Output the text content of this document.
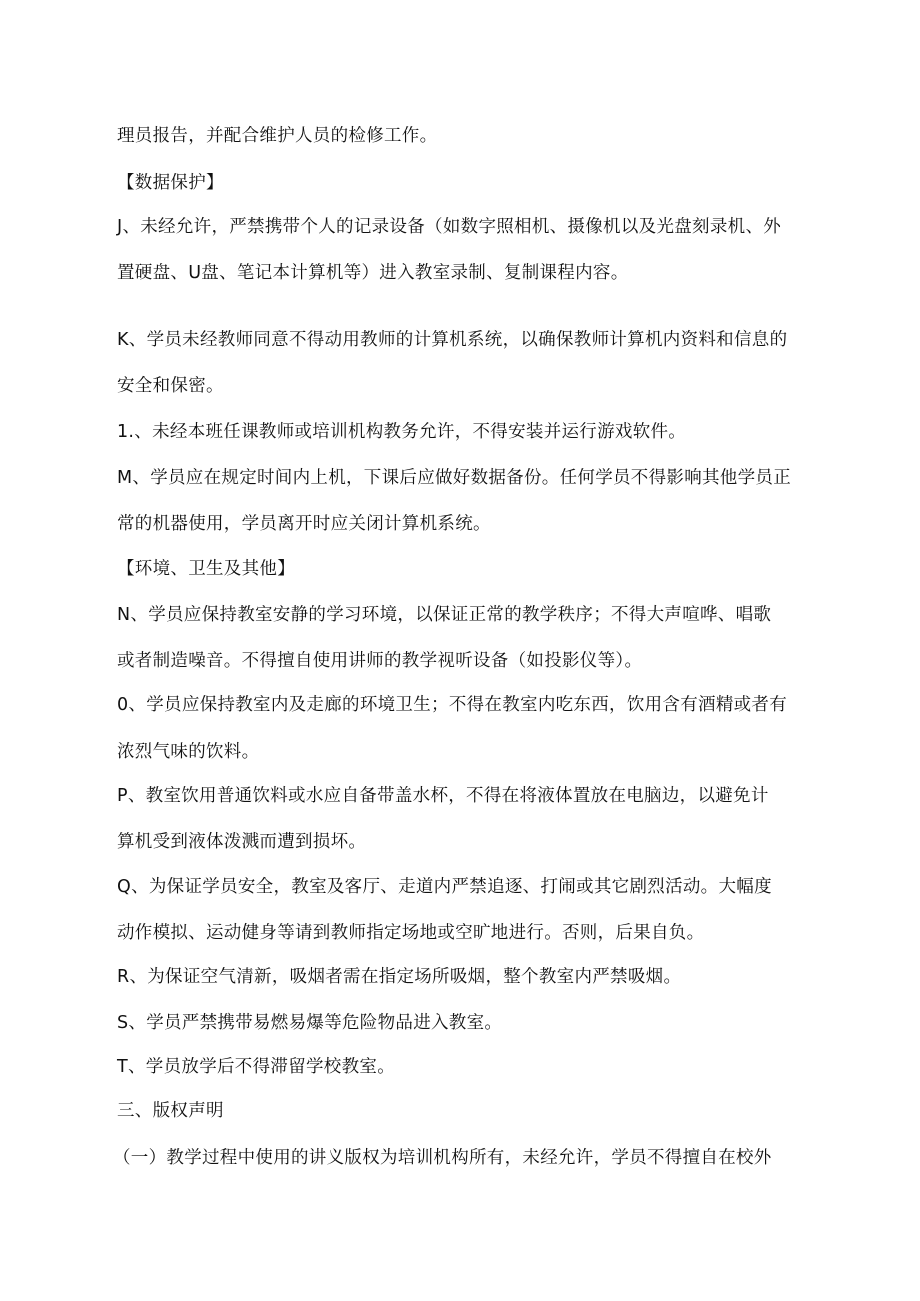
理员报告，并配合维护人员的检修工作。
【数据保护】
J、未经允许，严禁携带个人的记录设备（如数字照相机、摄像机以及光盘刻录机、外
置硬盘、U盘、笔记本计算机等）进入教室录制、复制课程内容。
K、学员未经教师同意不得动用教师的计算机系统，以确保教师计算机内资料和信息的
安全和保密。
1.、未经本班任课教师或培训机构教务允许，不得安装并运行游戏软件。
M、学员应在规定时间内上机，下课后应做好数据备份。任何学员不得影响其他学员正
常的机器使用，学员离开时应关闭计算机系统。
【环境、卫生及其他】
N、学员应保持教室安静的学习环境，以保证正常的教学秩序；不得大声喧哗、唱歌
或者制造噪音。不得擅自使用讲师的教学视听设备（如投影仪等）。
0、学员应保持教室内及走廊的环境卫生；不得在教室内吃东西，饮用含有酒精或者有
浓烈气味的饮料。
P、教室饮用普通饮料或水应自备带盖水杯，不得在将液体置放在电脑边，以避免计
算机受到液体泼溅而遭到损坏。
Q、为保证学员安全，教室及客厅、走道内严禁追逐、打闹或其它剧烈活动。大幅度
动作模拟、运动健身等请到教师指定场地或空旷地进行。否则，后果自负。
R、为保证空气清新，吸烟者需在指定场所吸烟，整个教室内严禁吸烟。
S、学员严禁携带易燃易爆等危险物品进入教室。
T、学员放学后不得滞留学校教室。
三、版权声明
（一）教学过程中使用的讲义版权为培训机构所有，未经允许，学员不得擅自在校外
